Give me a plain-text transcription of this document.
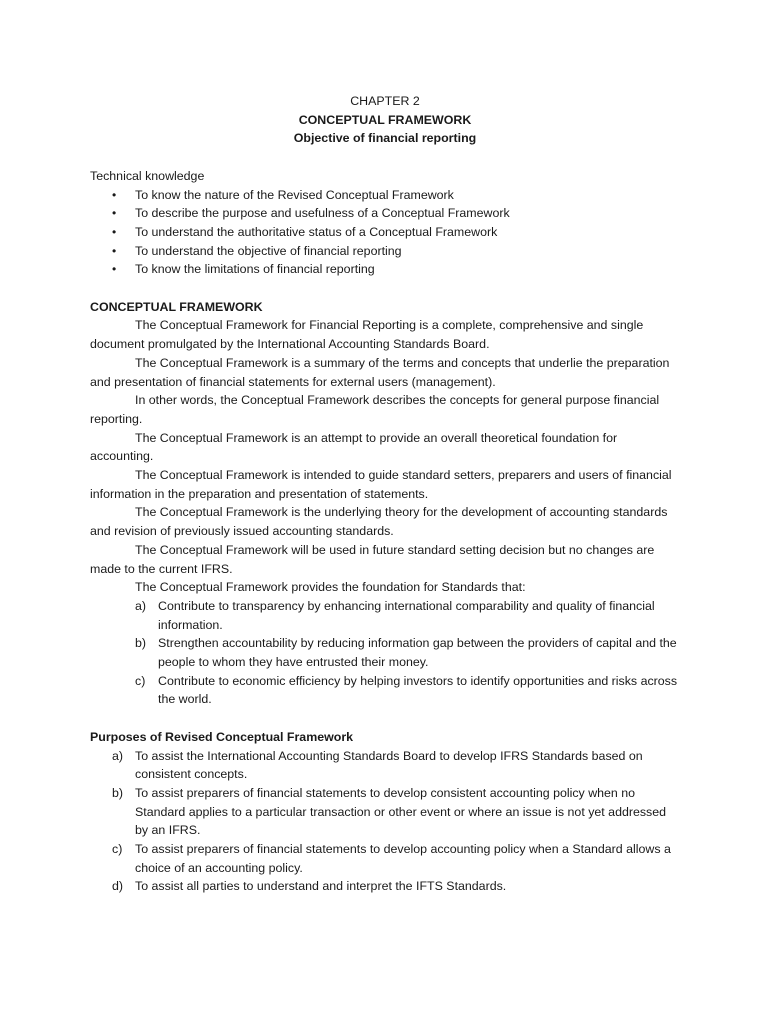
CHAPTER 2
CONCEPTUAL FRAMEWORK
Objective of financial reporting
Technical knowledge
• To know the nature of the Revised Conceptual Framework
• To describe the purpose and usefulness of a Conceptual Framework
• To understand the authoritative status of a Conceptual Framework
• To understand the objective of financial reporting
• To know the limitations of financial reporting
CONCEPTUAL FRAMEWORK
The Conceptual Framework for Financial Reporting is a complete, comprehensive and single document promulgated by the International Accounting Standards Board.
The Conceptual Framework is a summary of the terms and concepts that underlie the preparation and presentation of financial statements for external users (management).
In other words, the Conceptual Framework describes the concepts for general purpose financial reporting.
The Conceptual Framework is an attempt to provide an overall theoretical foundation for accounting.
The Conceptual Framework is intended to guide standard setters, preparers and users of financial information in the preparation and presentation of statements.
The Conceptual Framework is the underlying theory for the development of accounting standards and revision of previously issued accounting standards.
The Conceptual Framework will be used in future standard setting decision but no changes are made to the current IFRS.
The Conceptual Framework provides the foundation for Standards that:
a) Contribute to transparency by enhancing international comparability and quality of financial information.
b) Strengthen accountability by reducing information gap between the providers of capital and the people to whom they have entrusted their money.
c) Contribute to economic efficiency by helping investors to identify opportunities and risks across the world.
Purposes of Revised Conceptual Framework
a) To assist the International Accounting Standards Board to develop IFRS Standards based on consistent concepts.
b) To assist preparers of financial statements to develop consistent accounting policy when no Standard applies to a particular transaction or other event or where an issue is not yet addressed by an IFRS.
c) To assist preparers of financial statements to develop accounting policy when a Standard allows a choice of an accounting policy.
d) To assist all parties to understand and interpret the IFTS Standards.
